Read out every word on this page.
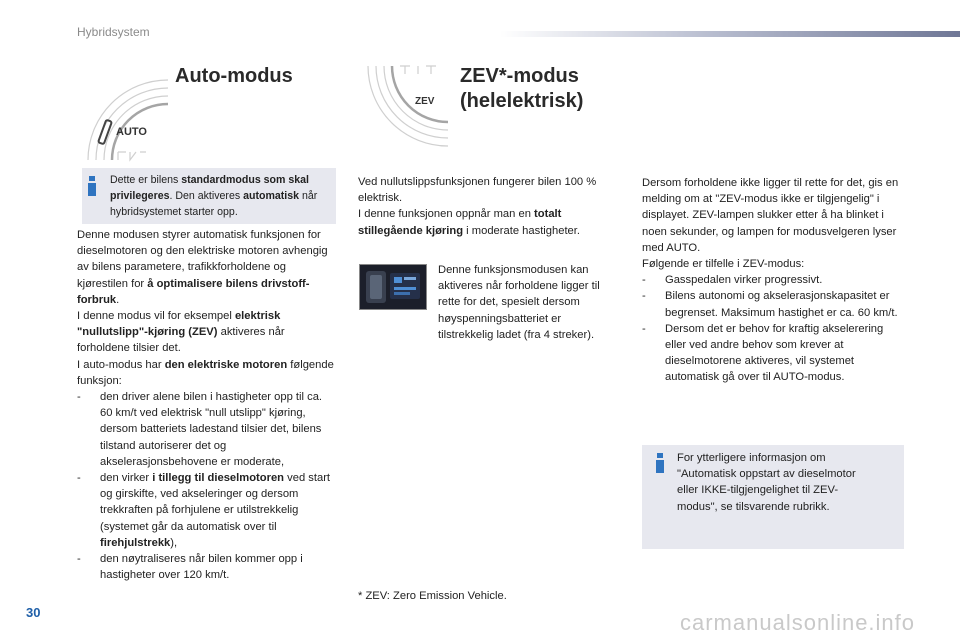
Hybridsystem
AUTO
ZEV
Auto-modus
Dette er bilens standardmodus som skal privilegeres. Den aktiveres automatisk når hybridsystemet starter opp.
Denne modusen styrer automatisk funksjonen for dieselmotoren og den elektriske motoren avhengig av bilens parametere, trafikkforholdene og kjørestilen for å optimalisere bilens drivstoff-forbruk.
I denne modus vil for eksempel elektrisk "nullutslipp"-kjøring (ZEV) aktiveres når forholdene tilsier det.
I auto-modus har den elektriske motoren følgende funksjon:
- den driver alene bilen i hastigheter opp til ca. 60 km/t ved elektrisk "null utslipp" kjøring, dersom batteriets ladestand tilsier det, bilens tilstand autoriserer det og akselerasjonsbehovene er moderate,
- den virker i tillegg til dieselmotoren ved start og girskifte, ved akseleringer og dersom trekkraften på forhjulene er utilstrekkelig (systemet går da automatisk over til firehjulstrekk),
- den nøytraliseres når bilen kommer opp i hastigheter over 120 km/t.
ZEV*-modus
(helelektrisk)
Ved nullutslippsfunksjonen fungerer bilen 100 % elektrisk.
I denne funksjonen oppnår man en totalt stillegående kjøring i moderate hastigheter.
Denne funksjonsmodusen kan aktiveres når forholdene ligger til rette for det, spesielt dersom høyspenningsbatteriet er tilstrekkelig ladet (fra 4 streker).
* ZEV: Zero Emission Vehicle.
Dersom forholdene ikke ligger til rette for det, gis en melding om at "ZEV-modus ikke er tilgjengelig" i displayet. ZEV-lampen slukker etter å ha blinket i noen sekunder, og lampen for modusvelgeren lyser med AUTO.
Følgende er tilfelle i ZEV-modus:
- Gasspedalen virker progressivt.
- Bilens autonomi og akselerasjonskapasitet er begrenset. Maksimum hastighet er ca. 60 km/t.
- Dersom det er behov for kraftig akselerering eller ved andre behov som krever at dieselmotorene aktiveres, vil systemet automatisk gå over til AUTO-modus.
For ytterligere informasjon om "Automatisk oppstart av dieselmotor eller IKKE-tilgjengelighet til ZEV-modus", se tilsvarende rubrikk.
30	carmanualsonline.info
